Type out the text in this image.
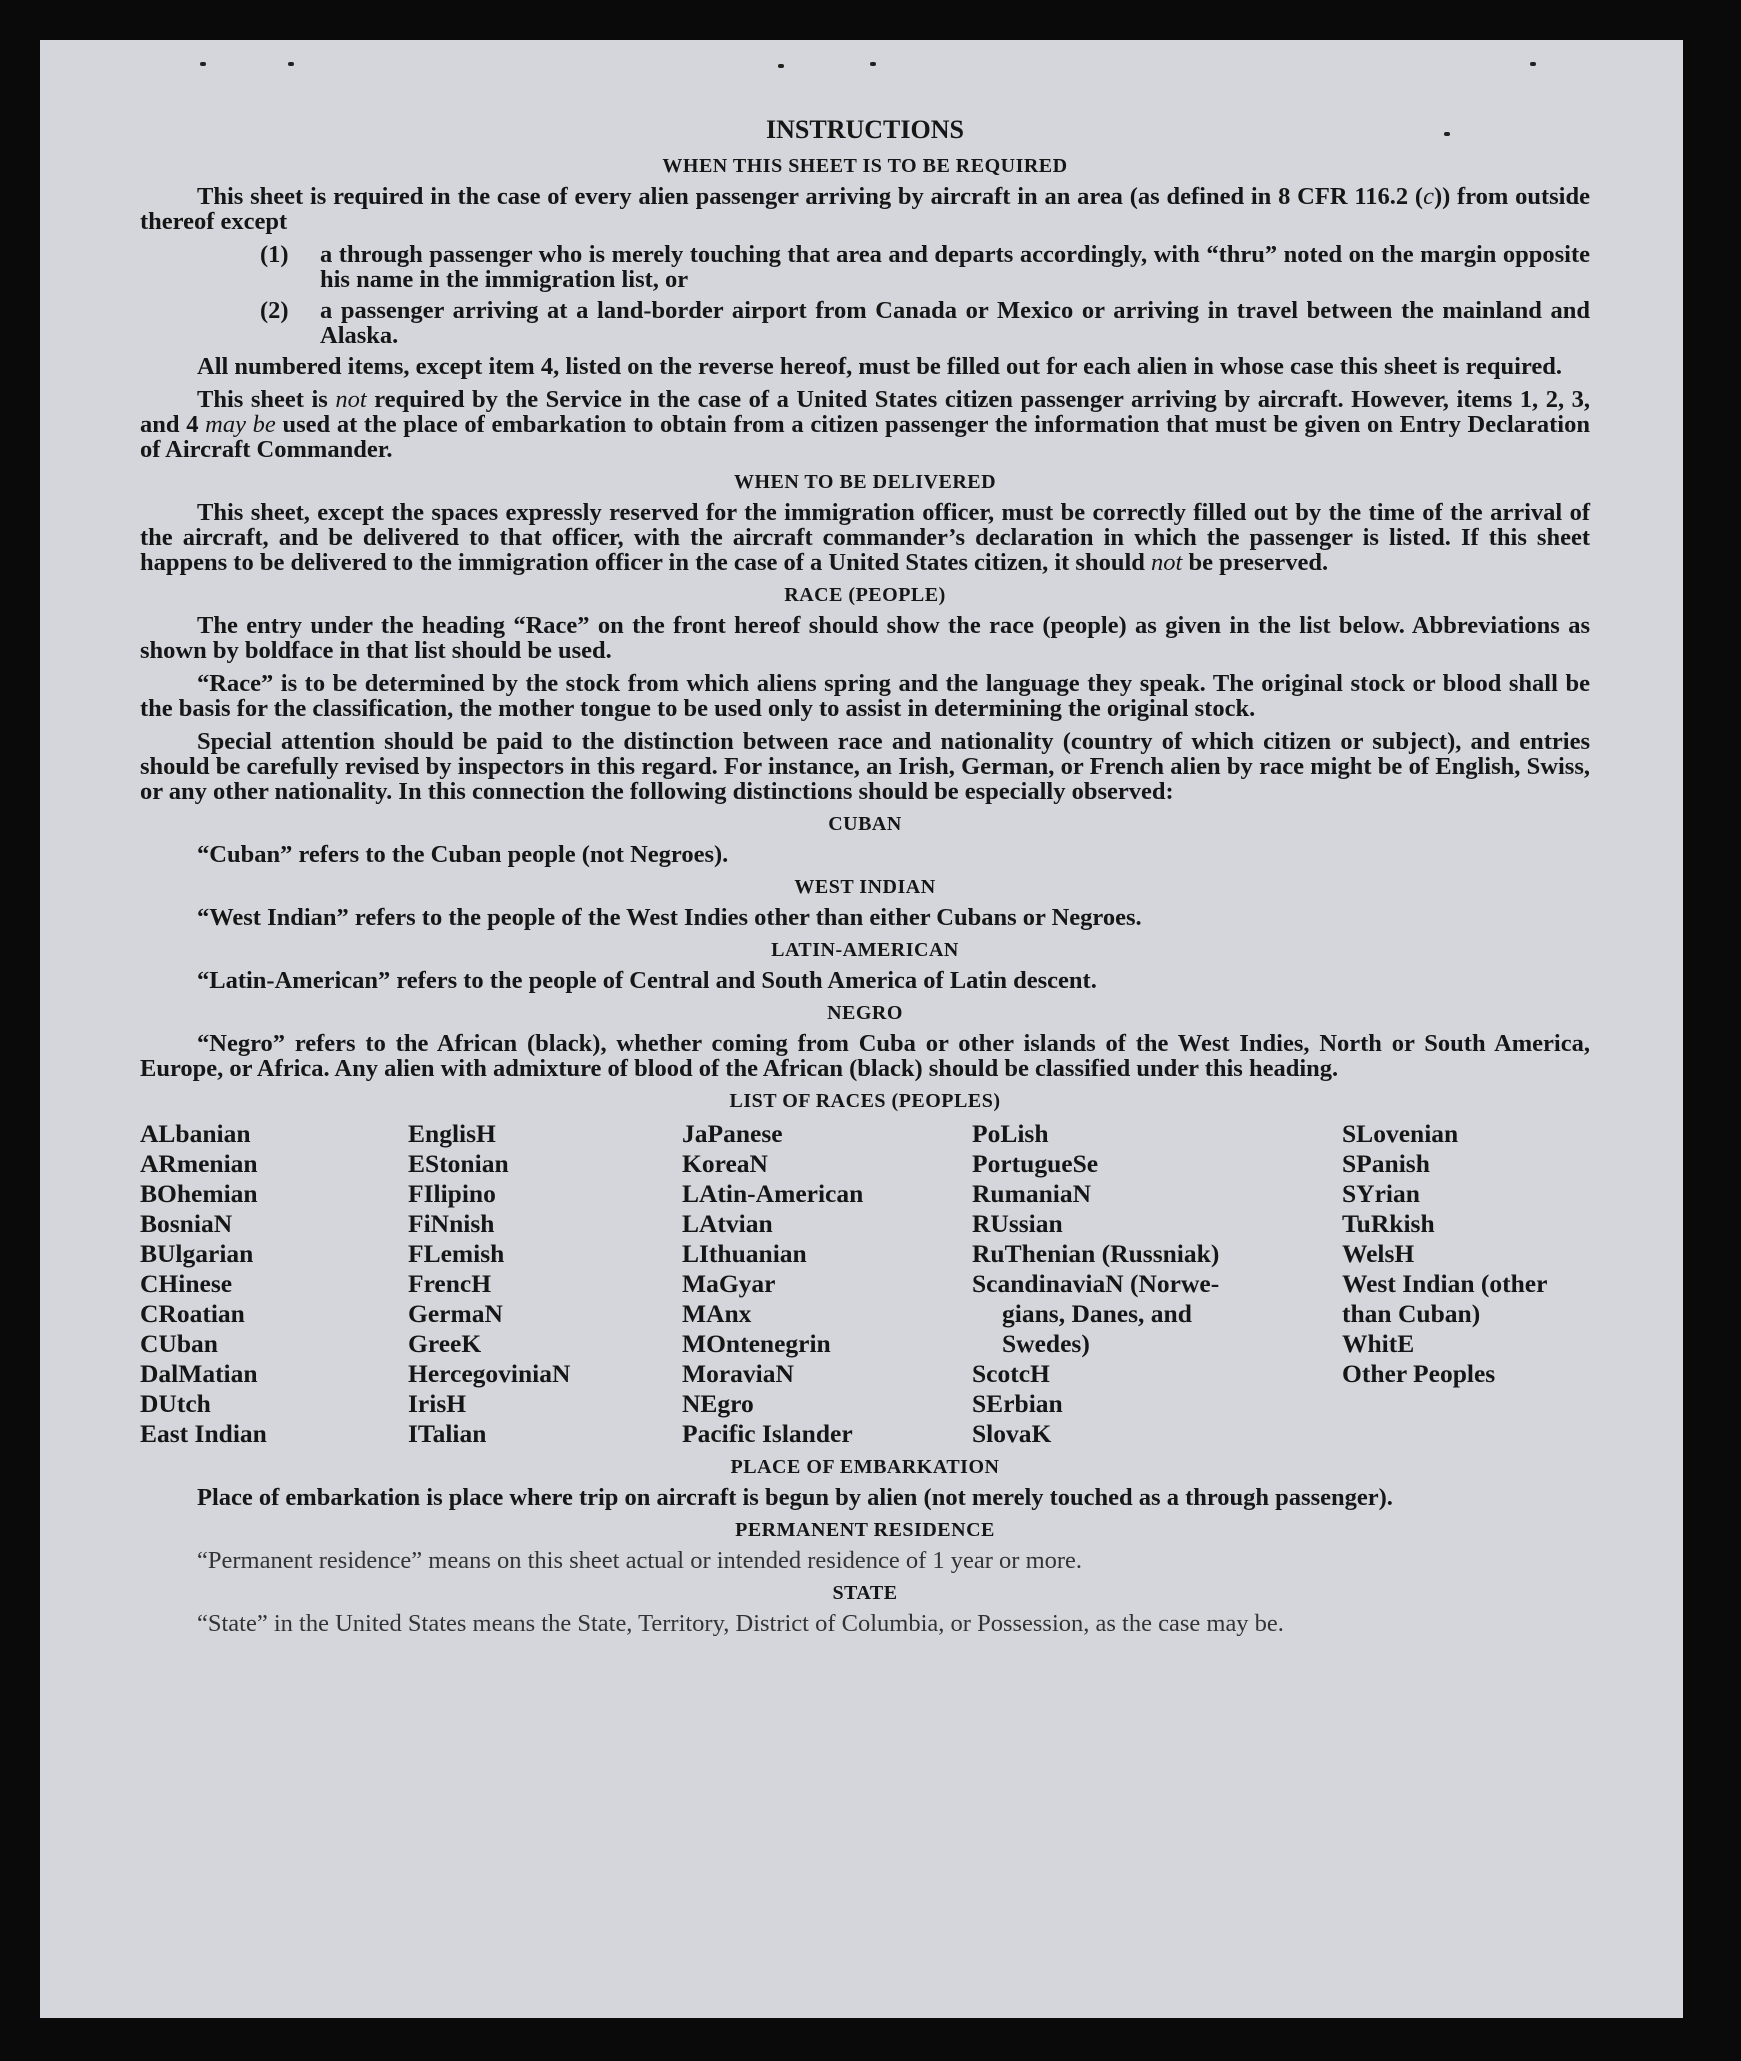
INSTRUCTIONS
WHEN THIS SHEET IS TO BE REQUIRED

This sheet is required in the case of every alien passenger arriving by aircraft in an area (as defined in 8 CFR 116.2 (c)) from outside thereof except

(1)	a through passenger who is merely touching that area and departs accordingly, with “thru” noted on the margin opposite his name in the immigration list, or
(2)	a passenger arriving at a land-border airport from Canada or Mexico or arriving in travel between the mainland and Alaska.

All numbered items, except item 4, listed on the reverse hereof, must be filled out for each alien in whose case this sheet is required.

This sheet is not required by the Service in the case of a United States citizen passenger arriving by aircraft. However, items 1, 2, 3, and 4 may be used at the place of embarkation to obtain from a citizen passenger the information that must be given on Entry Declaration of Aircraft Commander.

WHEN TO BE DELIVERED

This sheet, except the spaces expressly reserved for the immigration officer, must be correctly filled out by the time of the arrival of the aircraft, and be delivered to that officer, with the aircraft commander’s declaration in which the passenger is listed. If this sheet happens to be delivered to the immigration officer in the case of a United States citizen, it should not be preserved.

RACE (PEOPLE)

The entry under the heading “Race” on the front hereof should show the race (people) as given in the list below. Abbreviations as shown by boldface in that list should be used.

“Race” is to be determined by the stock from which aliens spring and the language they speak. The original stock or blood shall be the basis for the classification, the mother tongue to be used only to assist in determining the original stock.

Special attention should be paid to the distinction between race and nationality (country of which citizen or subject), and entries should be carefully revised by inspectors in this regard. For instance, an Irish, German, or French alien by race might be of English, Swiss, or any other nationality. In this connection the following distinctions should be especially observed:

CUBAN

“Cuban” refers to the Cuban people (not Negroes).

WEST INDIAN

“West Indian” refers to the people of the West Indies other than either Cubans or Negroes.

LATIN-AMERICAN

“Latin-American” refers to the people of Central and South America of Latin descent.

NEGRO

“Negro” refers to the African (black), whether coming from Cuba or other islands of the West Indies, North or South America, Europe, or Africa. Any alien with admixture of blood of the African (black) should be classified under this heading.

LIST OF RACES (PEOPLES)
ALbanian
ARmenian
BOhemian
BosniaN
BUlgarian
CHinese
CRoatian
CUban
DalMatian
DUtch
East Indian
EnglisH
EStonian
FIlipino
FiNnish
FLemish
FrencH
GermaN
GreeK
HercegoviniaN
IrisH
ITalian
JaPanese
KoreaN
LAtin-American
LAtvian
LIthuanian
MaGyar
MAnx
MOntenegrin
MoraviaN
NEgro
Pacific Islander
PoLish
PortugueSe
RumaniaN
RUssian
RuThenian (Russniak)
ScandinaviaN (Norwe-
gians, Danes, and
Swedes)
ScotcH
SErbian
SlovaK
SLovenian
SPanish
SYrian
TuRkish
WelsH
West Indian (other
than Cuban)
WhitE
Other Peoples
PLACE OF EMBARKATION

Place of embarkation is place where trip on aircraft is begun by alien (not merely touched as a through passenger).

PERMANENT RESIDENCE

“Permanent residence” means on this sheet actual or intended residence of 1 year or more.

STATE

“State” in the United States means the State, Territory, District of Columbia, or Possession, as the case may be.
